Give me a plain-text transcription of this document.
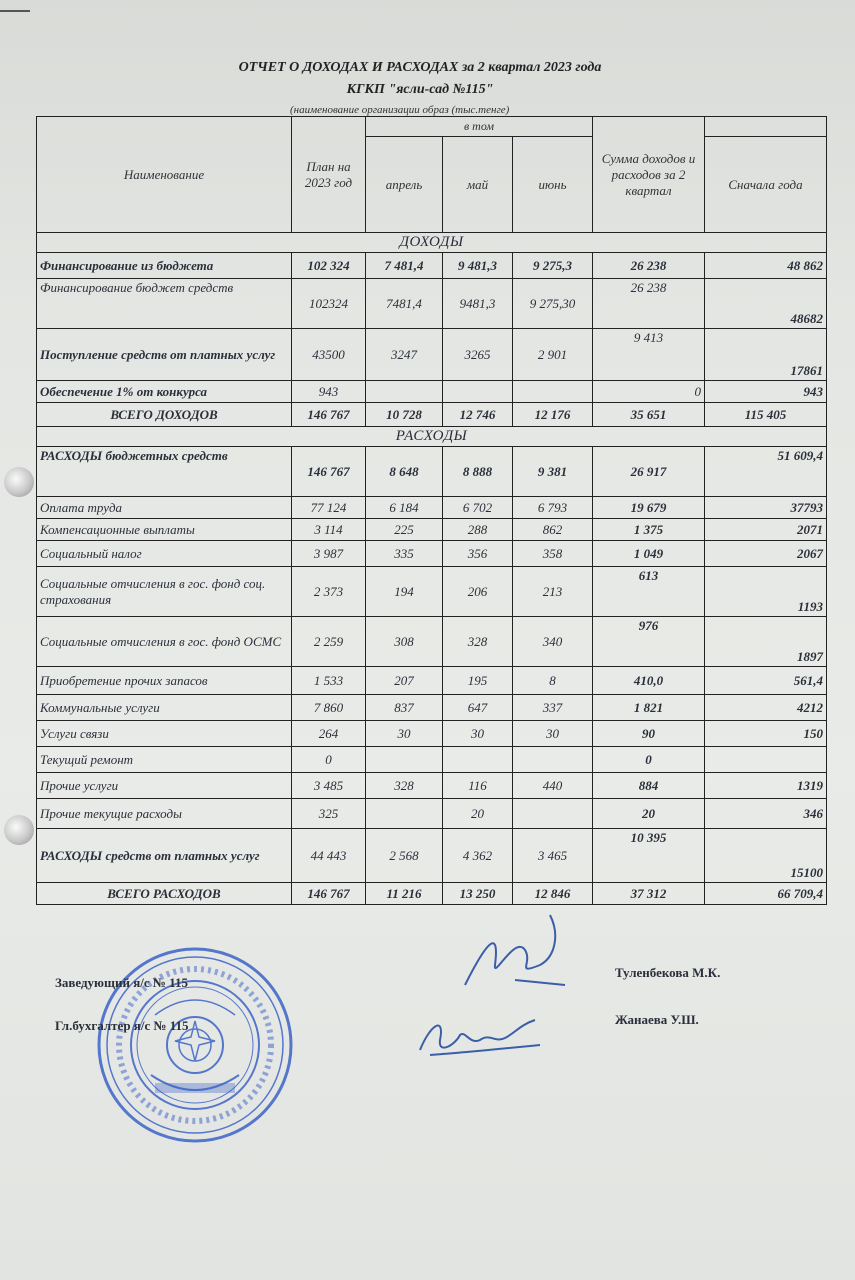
ОТЧЕТ О ДОХОДАХ И РАСХОДАХ за 2 квартал 2023 года
КГКП "ясли-сад №115"
(наименование организации образ (тыс.тенге)
Наименование	План на 2023 год	в том			Сумма доходов и расходов за 2 квартал	
		апрель	май	июнь		Сначала года
ДОХОДЫ						
Финансирование из бюджета	102 324	7 481,4	9 481,3	9 275,3	26 238	48 862
Финансирование бюджет средств	102324	7481,4	9481,3	9 275,30	26 238	48682
Поступление средств от платных услуг	43500	3247	3265	2 901	9 413	17861
Обеспечение 1% от конкурса	943				0	943
ВСЕГО ДОХОДОВ	146 767	10 728	12 746	12 176	35 651	115 405
РАСХОДЫ						
РАСХОДЫ бюджетных средств	146 767	8 648	8 888	9 381	26 917	51 609,4
Оплата труда	77 124	6 184	6 702	6 793	19 679	37793
Компенсационные выплаты	3 114	225	288	862	1 375	2071
Социальный налог	3 987	335	356	358	1 049	2067
Социальные отчисления в гос. фонд соц. страхования	2 373	194	206	213	613	1193
Социальные отчисления в гос. фонд ОСМС	2 259	308	328	340	976	1897
Приобретение прочих запасов	1 533	207	195	8	410,0	561,4
Коммунальные услуги	7 860	837	647	337	1 821	4212
Услуги связи	264	30	30	30	90	150
Текущий ремонт	0				0	
Прочие услуги	3 485	328	116	440	884	1319
Прочие текущие расходы	325		20		20	346
РАСХОДЫ средств от платных услуг	44 443	2 568	4 362	3 465	10 395	15100
ВСЕГО РАСХОДОВ	146 767	11 216	13 250	12 846	37 312	66 709,4
Заведующий я/с № 115
Туленбекова М.К.
Гл.бухгалтер я/с № 115	Жанаева У.Ш.
